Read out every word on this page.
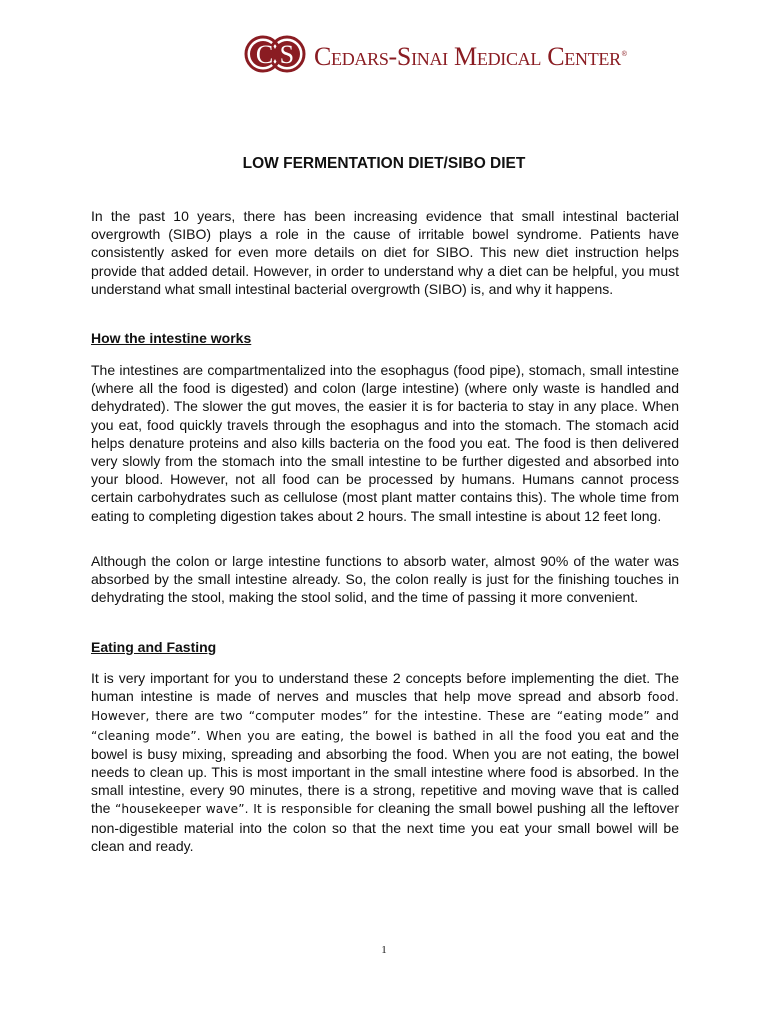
C S Cedars-Sinai Medical Center ®
LOW FERMENTATION DIET/SIBO DIET

In the past 10 years, there has been increasing evidence that small intestinal bacterial overgrowth (SIBO) plays a role in the cause of irritable bowel syndrome. Patients have consistently asked for even more details on diet for SIBO. This new diet instruction helps provide that added detail. However, in order to understand why a diet can be helpful, you must understand what small intestinal bacterial overgrowth (SIBO) is, and why it happens.

How the intestine works

The intestines are compartmentalized into the esophagus (food pipe), stomach, small intestine (where all the food is digested) and colon (large intestine) (where only waste is handled and dehydrated). The slower the gut moves, the easier it is for bacteria to stay in any place. When you eat, food quickly travels through the esophagus and into the stomach. The stomach acid helps denature proteins and also kills bacteria on the food you eat. The food is then delivered very slowly from the stomach into the small intestine to be further digested and absorbed into your blood. However, not all food can be processed by humans. Humans cannot process certain carbohydrates such as cellulose (most plant matter contains this). The whole time from eating to completing digestion takes about 2 hours. The small intestine is about 12 feet long.

Although the colon or large intestine functions to absorb water, almost 90% of the water was absorbed by the small intestine already. So, the colon really is just for the finishing touches in dehydrating the stool, making the stool solid, and the time of passing it more convenient.

Eating and Fasting

It is very important for you to understand these 2 concepts before implementing the diet. The human intestine is made of nerves and muscles that help move spread and absorb food. However, there are two “computer modes” for the intestine. These are “eating mode” and “cleaning mode”. When you are eating, the bowel is bathed in all the food you eat and the bowel is busy mixing, spreading and absorbing the food. When you are not eating, the bowel needs to clean up. This is most important in the small intestine where food is absorbed. In the small intestine, every 90 minutes, there is a strong, repetitive and moving wave that is called the “housekeeper wave”. It is responsible for cleaning the small bowel pushing all the leftover non-digestible material into the colon so that the next time you eat your small bowel will be clean and ready.

1
